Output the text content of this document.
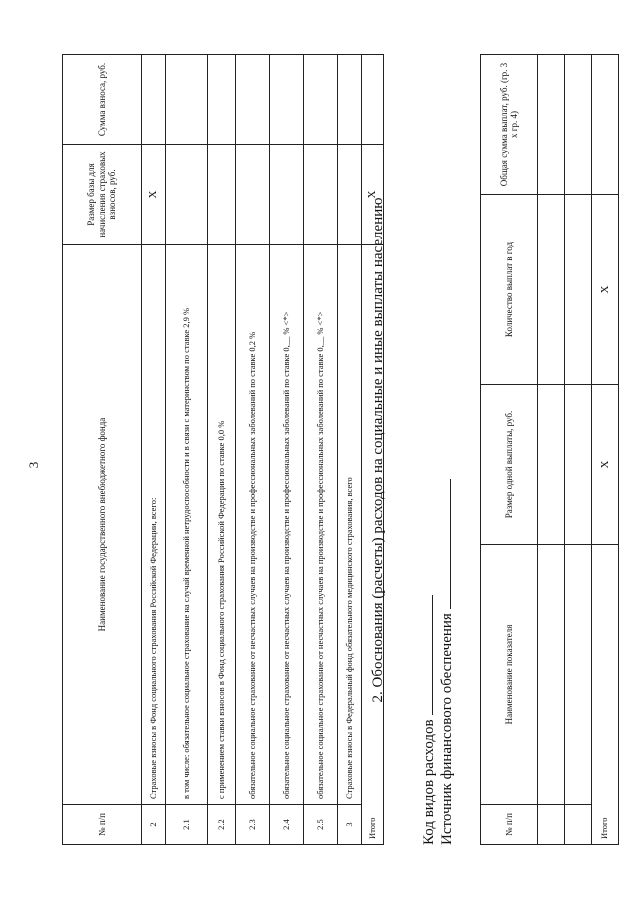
3
№ п/п	Наименование государственного внебюджетного фонда	Размер базы для начисления страховых взносов, руб.	Сумма взноса, руб.
2	Страховые взносы в Фонд социального страхования Российской Федерации, всего:	X	
2.1	в том числе: обязательное социальное страхование на случай временной нетрудоспособности и в связи с материнством по ставке 2,9 %		
2.2	с применением ставки взносов в Фонд социального страхования Российской Федерации по ставке 0,0 %		
2.3	обязательное социальное страхование от несчастных случаев на производстве и профессиональных заболеваний по ставке 0,2 %		
2.4	обязательное социальное страхование от несчастных случаев на производстве и профессиональных заболеваний по ставке 0,__ % <*>		
2.5	обязательное социальное страхование от несчастных случаев на производстве и профессиональных заболеваний по ставке 0,__ % <*>		
3	Страховые взносы в Федеральный фонд обязательного медицинского страхования, всего		
Итого		X	
2. Обоснования (расчеты) расходов на социальные и иные выплаты населению
Код видов расходов Источник финансового обеспечения	№ п/п	Наименование показателя	Размер одной выплаты, руб.	Количество выплат в год	Общая сумма выплат, руб. (гр. 3 x гр. 4)

Итого		X	X	
